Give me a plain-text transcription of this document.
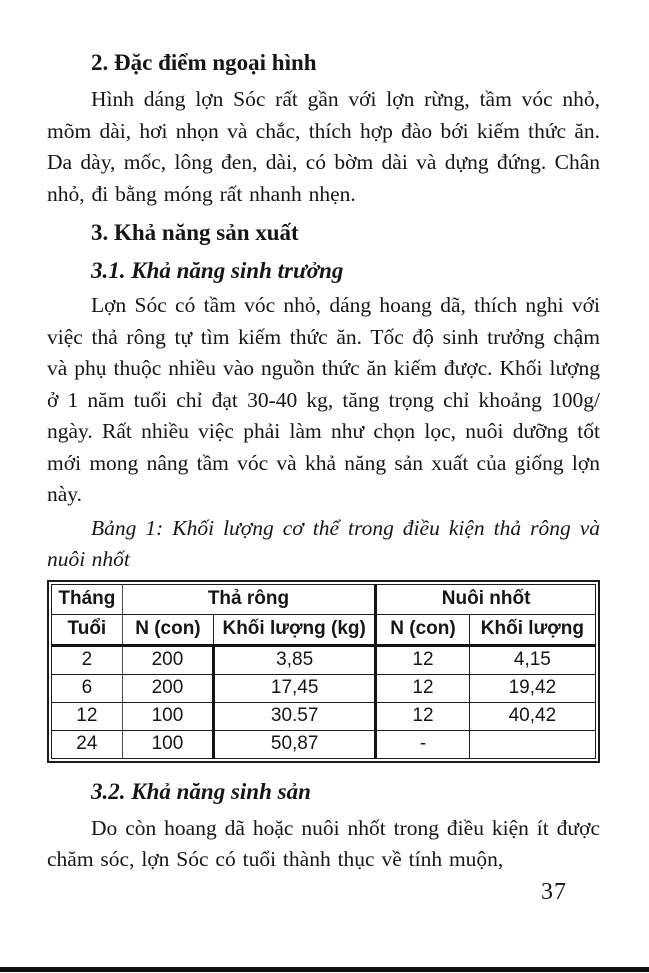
2. Đặc điểm ngoại hình

Hình dáng lợn Sóc rất gần với lợn rừng, tầm vóc nhỏ, mõm dài, hơi nhọn và chắc, thích hợp đào bới kiếm thức ăn. Da dày, mốc, lông đen, dài, có bờm dài và dựng đứng. Chân nhỏ, đi bằng móng rất nhanh nhẹn.

3. Khả năng sản xuất
3.1. Khả năng sinh trưởng

Lợn Sóc có tầm vóc nhỏ, dáng hoang dã, thích nghi với việc thả rông tự tìm kiếm thức ăn. Tốc độ sinh trưởng chậm và phụ thuộc nhiều vào nguồn thức ăn kiếm được. Khối lượng ở 1 năm tuổi chỉ đạt 30-40 kg, tăng trọng chỉ khoảng 100g/ ngày. Rất nhiều việc phải làm như chọn lọc, nuôi dưỡng tốt mới mong nâng tầm vóc và khả năng sản xuất của giống lợn này.

Bảng 1: Khối lượng cơ thể trong điều kiện thả rông và nuôi nhốt

Tháng	Thả rông		Nuôi nhốt	
Tuổi	N (con)	Khối lượng (kg)	N (con)	Khối lượng
2	200	3,85	12	4,15
6	200	17,45	12	19,42
12	100	30.57	12	40,42
24	100	50,87	-	
3.2. Khả năng sinh sản

Do còn hoang dã hoặc nuôi nhốt trong điều kiện ít được chăm sóc, lợn Sóc có tuổi thành thục về tính muộn,

37
